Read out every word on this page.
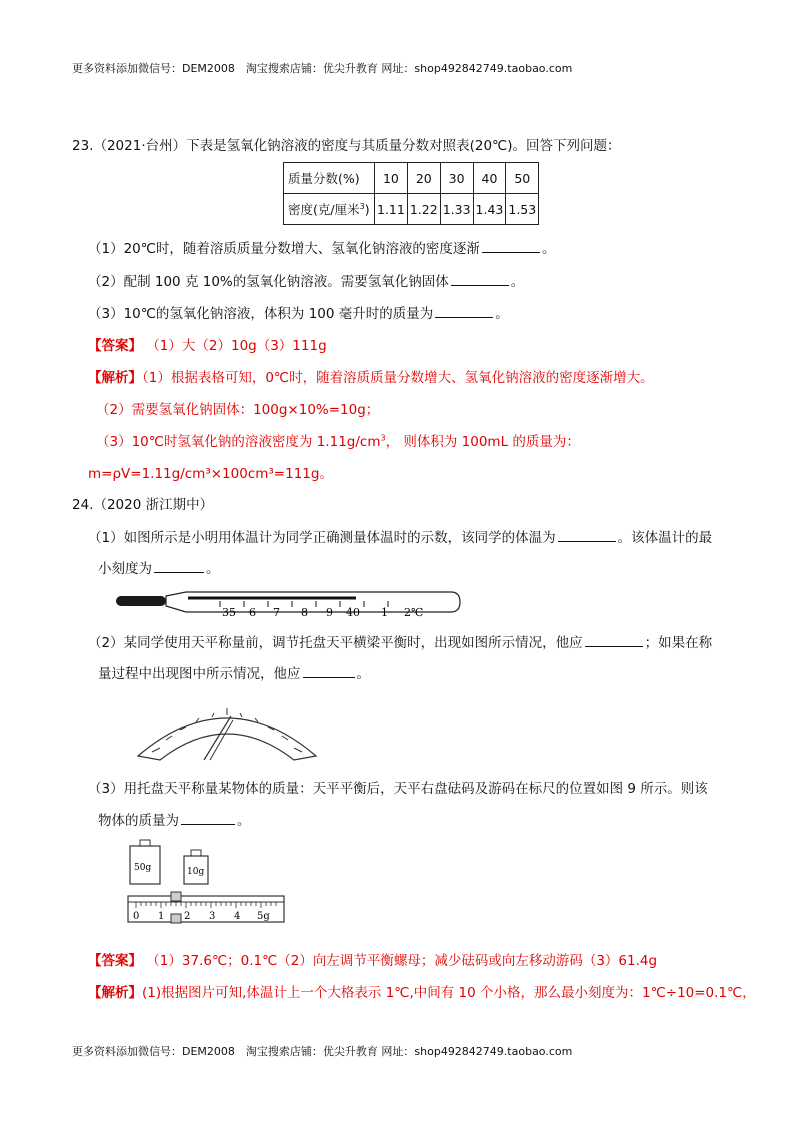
更多资料添加微信号：DEM2008　淘宝搜索店铺：优尖升教育 网址：shop492842749.taobao.com
23.（2021·台州）下表是氢氧化钠溶液的密度与其质量分数对照表(20℃)。回答下列问题：
质量分数(%)	10	20	30	40	50
密度(克/厘米$^3$)	1.11	1.22	1.33	1.43	1.53
（1）20℃时，随着溶质质量分数增大、氢氧化钠溶液的密度逐渐	。
（2）配制 100 克 10%的氢氧化钠溶液。需要氢氧化钠固体	。
（3）10℃的氢氧化钠溶液，体积为 100 毫升时的质量为	。
【答案】 （1）大（2）10g（3）111g
【解析】（1）根据表格可知，0℃时，随着溶质质量分数增大、氢氧化钠溶液的密度逐渐增大。
（2）需要氢氧化钠固体：100g×10%=10g；
（3）10℃时氢氧化钠的溶液密度为 $1.11g/cm^3$， 则体积为 100mL 的质量为：
m=ρV=1.11g/cm³×100cm³=111g。
24.（2020 浙江期中）
（1）如图所示是小明用体温计为同学正确测量体温时的示数，该同学的体温为	。该体温计的最
小刻度为	。
35 6 7 8 9 40 1 2℃
（2）某同学使用天平称量前，调节托盘天平横梁平衡时，出现如图所示情况，他应	；如果在称
量过程中出现图中所示情况，他应	。
（3）用托盘天平称量某物体的质量：天平平衡后，天平右盘砝码及游码在标尺的位置如图 9 所示。则该
物体的质量为	。
50g	10g
0 1 2 3 4 5g
【答案】 （1）37.6℃；0.1℃（2）向左调节平衡螺母；减少砝码或向左移动游码（3）61.4g
【解析】(1)根据图片可知,体温计上一个大格表示 1℃,中间有 10 个小格，那么最小刻度为：1℃÷10=0.1℃，
更多资料添加微信号：DEM2008　淘宝搜索店铺：优尖升教育 网址：shop492842749.taobao.com
